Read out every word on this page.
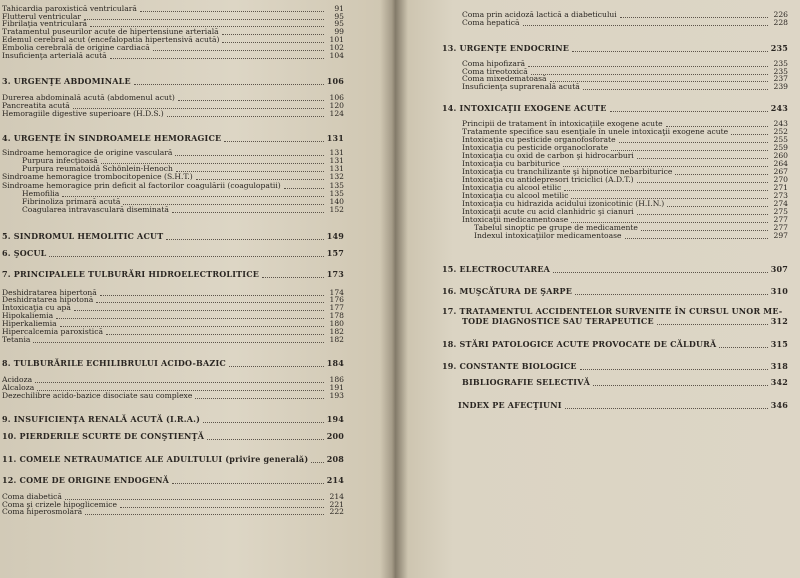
Tahicardia paroxistică ventriculară	91
Flutterul ventricular	95
Fibrilaţia ventriculară	95
Tratamentul puseurilor acute de hipertensiune arterială	99
Edemul cerebral acut (encefalopatia hipertensivă acută)	101
Embolia cerebrală de origine cardiacă	102
Insuficienţa arterială acută	104
3. URGENŢE ABDOMINALE	106
Durerea abdominală acută (abdomenul acut)	106
Pancreatita acută	120
Hemoragiile digestive superioare (H.D.S.)	124
4. URGENŢE ÎN SINDROAMELE HEMORAGICE	131
Sindroame hemoragice de origine vasculară	131
Purpura infecţioasă	131
Purpura reumatoidă Schönlein-Henoch	131
Sindroame hemoragice trombocitopenice (S.H.T.)	132
Sindroame hemoragice prin deficit al factorilor coagulării (coagulopatii)	135
Hemofilia	135
Fibrinoliza primară acută	140
Coagularea intravasculară diseminată	152
5. SINDROMUL HEMOLITIC ACUT	149
6. ŞOCUL	157
7. PRINCIPALELE TULBURĂRI HIDROELECTROLITICE	173
Deshidratarea hipertonă	174
Deshidratarea hipotonă	176
Intoxicaţia cu apă	177
Hipokaliemia	178
Hiperkaliemia	180
Hipercalcemia paroxistică	182
Tetania	182
8. TULBURĂRILE ECHILIBRULUI ACIDO-BAZIC	184
Acidoza	186
Alcaloza	191
Dezechilibre acido-bazice disociate sau complexe	193
9. INSUFICIENŢA RENALĂ ACUTĂ (I.R.A.)	194
10. PIERDERILE SCURTE DE CONŞTIENŢĂ	200
11. COMELE NETRAUMATICE ALE ADULTULUI (privire generală) 208
12. COME DE ORIGINE ENDOGENĂ	214
Coma diabetică	214
Coma şi crizele hipoglicemice	221
Coma hiperosmolară	222
Coma prin acidoză lactică a diabeticului	226
Coma hepatică	228
13. URGENŢE ENDOCRINE	235
Coma hipofizară	235
Coma tireotoxică	235
Coma mixedematoasă	237
Insuficienţa suprarenală acută	239
14. INTOXICAŢII EXOGENE ACUTE	243
Principii de tratament în intoxicaţiile exogene acute	243
Tratamente specifice sau esenţiale în unele intoxicaţii exogene acute	252
Intoxicaţia cu pesticide organofosforate	255
Intoxicaţia cu pesticide organoclorate	259
Intoxicaţia cu oxid de carbon şi hidrocarburi	260
Intoxicaţia cu barbiturice	264
Intoxicaţia cu tranchilizante şi hipnotice nebarbiturice	267
Intoxicaţia cu antidepresori triciclici (A.D.T.)	270
Intoxicaţia cu alcool etilic	271
Intoxicaţia cu alcool metilic	273
Intoxicaţia cu hidrazida acidului izonicotinic (H.I.N.)	274
Intoxicaţii acute cu acid clanhidric şi cianuri	275
Intoxicaţii medicamentoase	277
Tabelul sinoptic pe grupe de medicamente	277
Indexul intoxicaţiilor medicamentoase	297
15. ELECTROCUTAREA	307
16. MUŞCĂTURA DE ŞARPE	310
17. TRATAMENTUL ACCIDENTELOR SURVENITE ÎN CURSUL UNOR ME-
TODE DIAGNOSTICE SAU TERAPEUTICE	312
18. STĂRI PATOLOGICE ACUTE PROVOCATE DE CĂLDURĂ	315
19. CONSTANTE BIOLOGICE	318
BIBLIOGRAFIE SELECTIVĂ	342
INDEX PE AFECŢIUNI	346
